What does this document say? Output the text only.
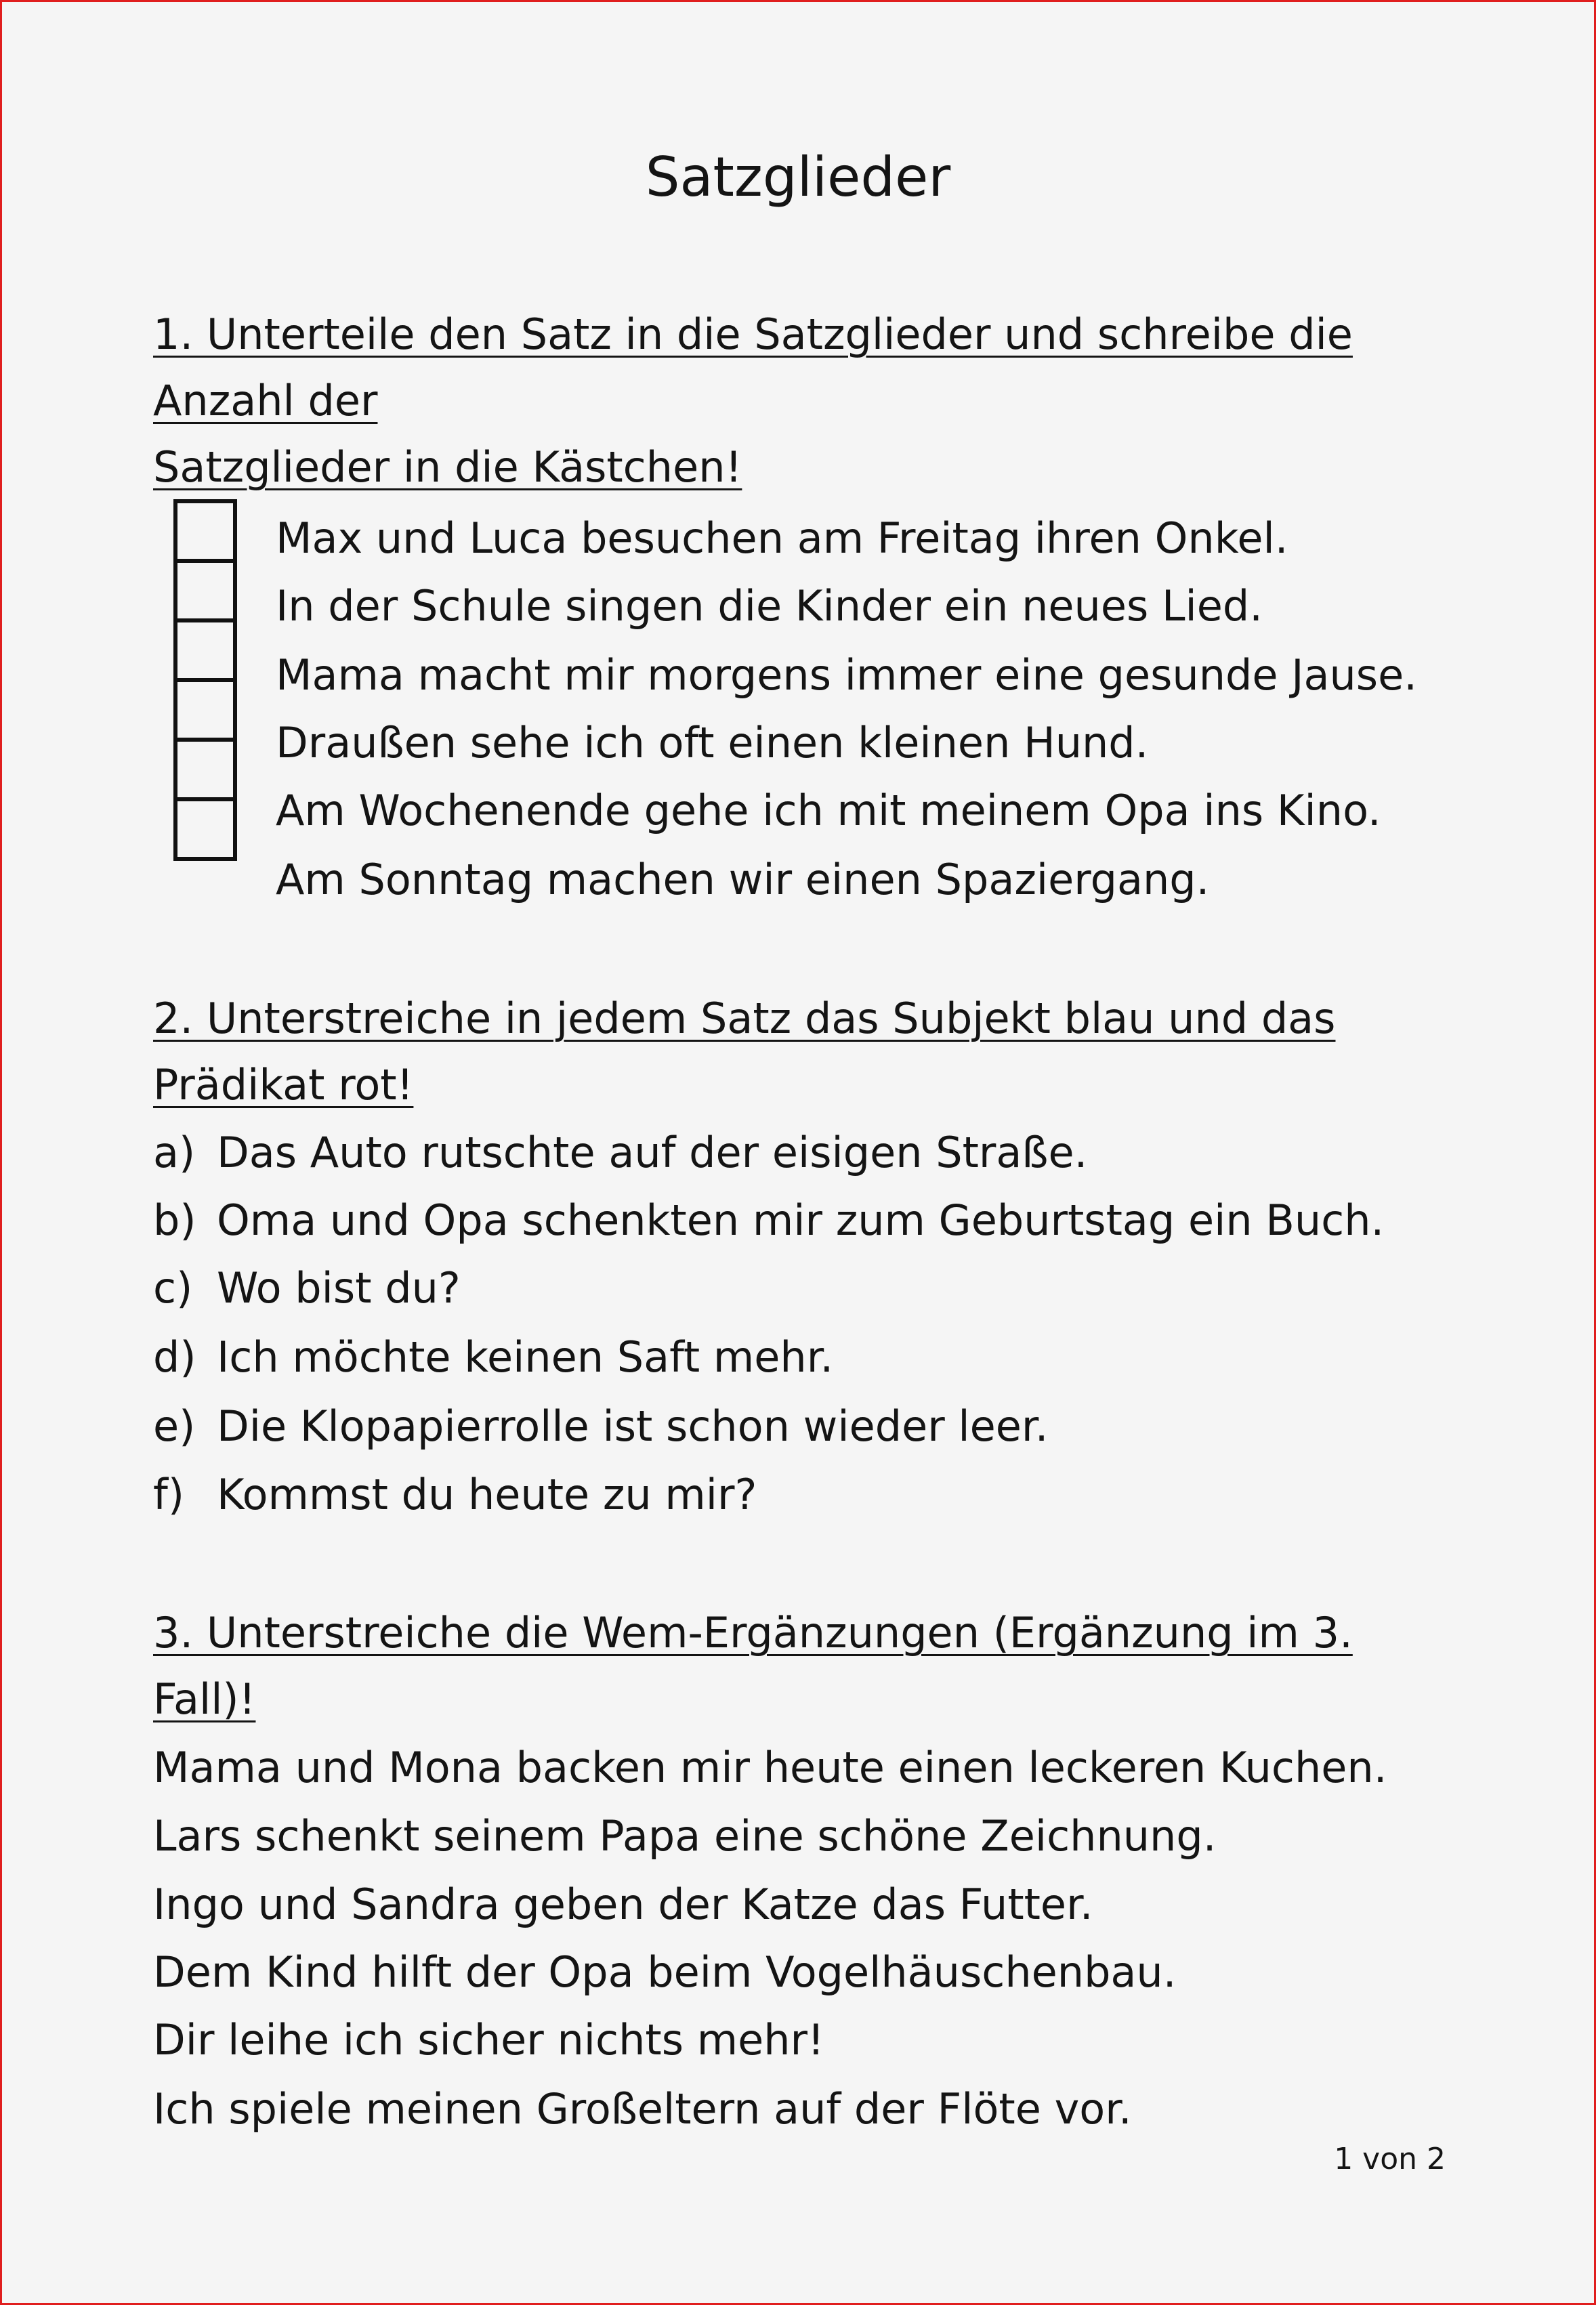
Satzglieder
1. Unterteile den Satz in die Satzglieder und schreibe die Anzahl der
Satzglieder in die Kästchen!
Max und Luca besuchen am Freitag ihren Onkel.
In der Schule singen die Kinder ein neues Lied.
Mama macht mir morgens immer eine gesunde Jause.
Draußen sehe ich oft einen kleinen Hund.
Am Wochenende gehe ich mit meinem Opa ins Kino.
Am Sonntag machen wir einen Spaziergang.
2. Unterstreiche in jedem Satz das Subjekt blau und das Prädikat rot!
a) Das Auto rutschte auf der eisigen Straße.
b) Oma und Opa schenkten mir zum Geburtstag ein Buch.
c) Wo bist du?
d) Ich möchte keinen Saft mehr.
e) Die Klopapierrolle ist schon wieder leer.
f) Kommst du heute zu mir?
3. Unterstreiche die Wem-Ergänzungen (Ergänzung im 3. Fall)!
Mama und Mona backen mir heute einen leckeren Kuchen.
Lars schenkt seinem Papa eine schöne Zeichnung.
Ingo und Sandra geben der Katze das Futter.
Dem Kind hilft der Opa beim Vogelhäuschenbau.
Dir leihe ich sicher nichts mehr!
Ich spiele meinen Großeltern auf der Flöte vor.
1 von 2
